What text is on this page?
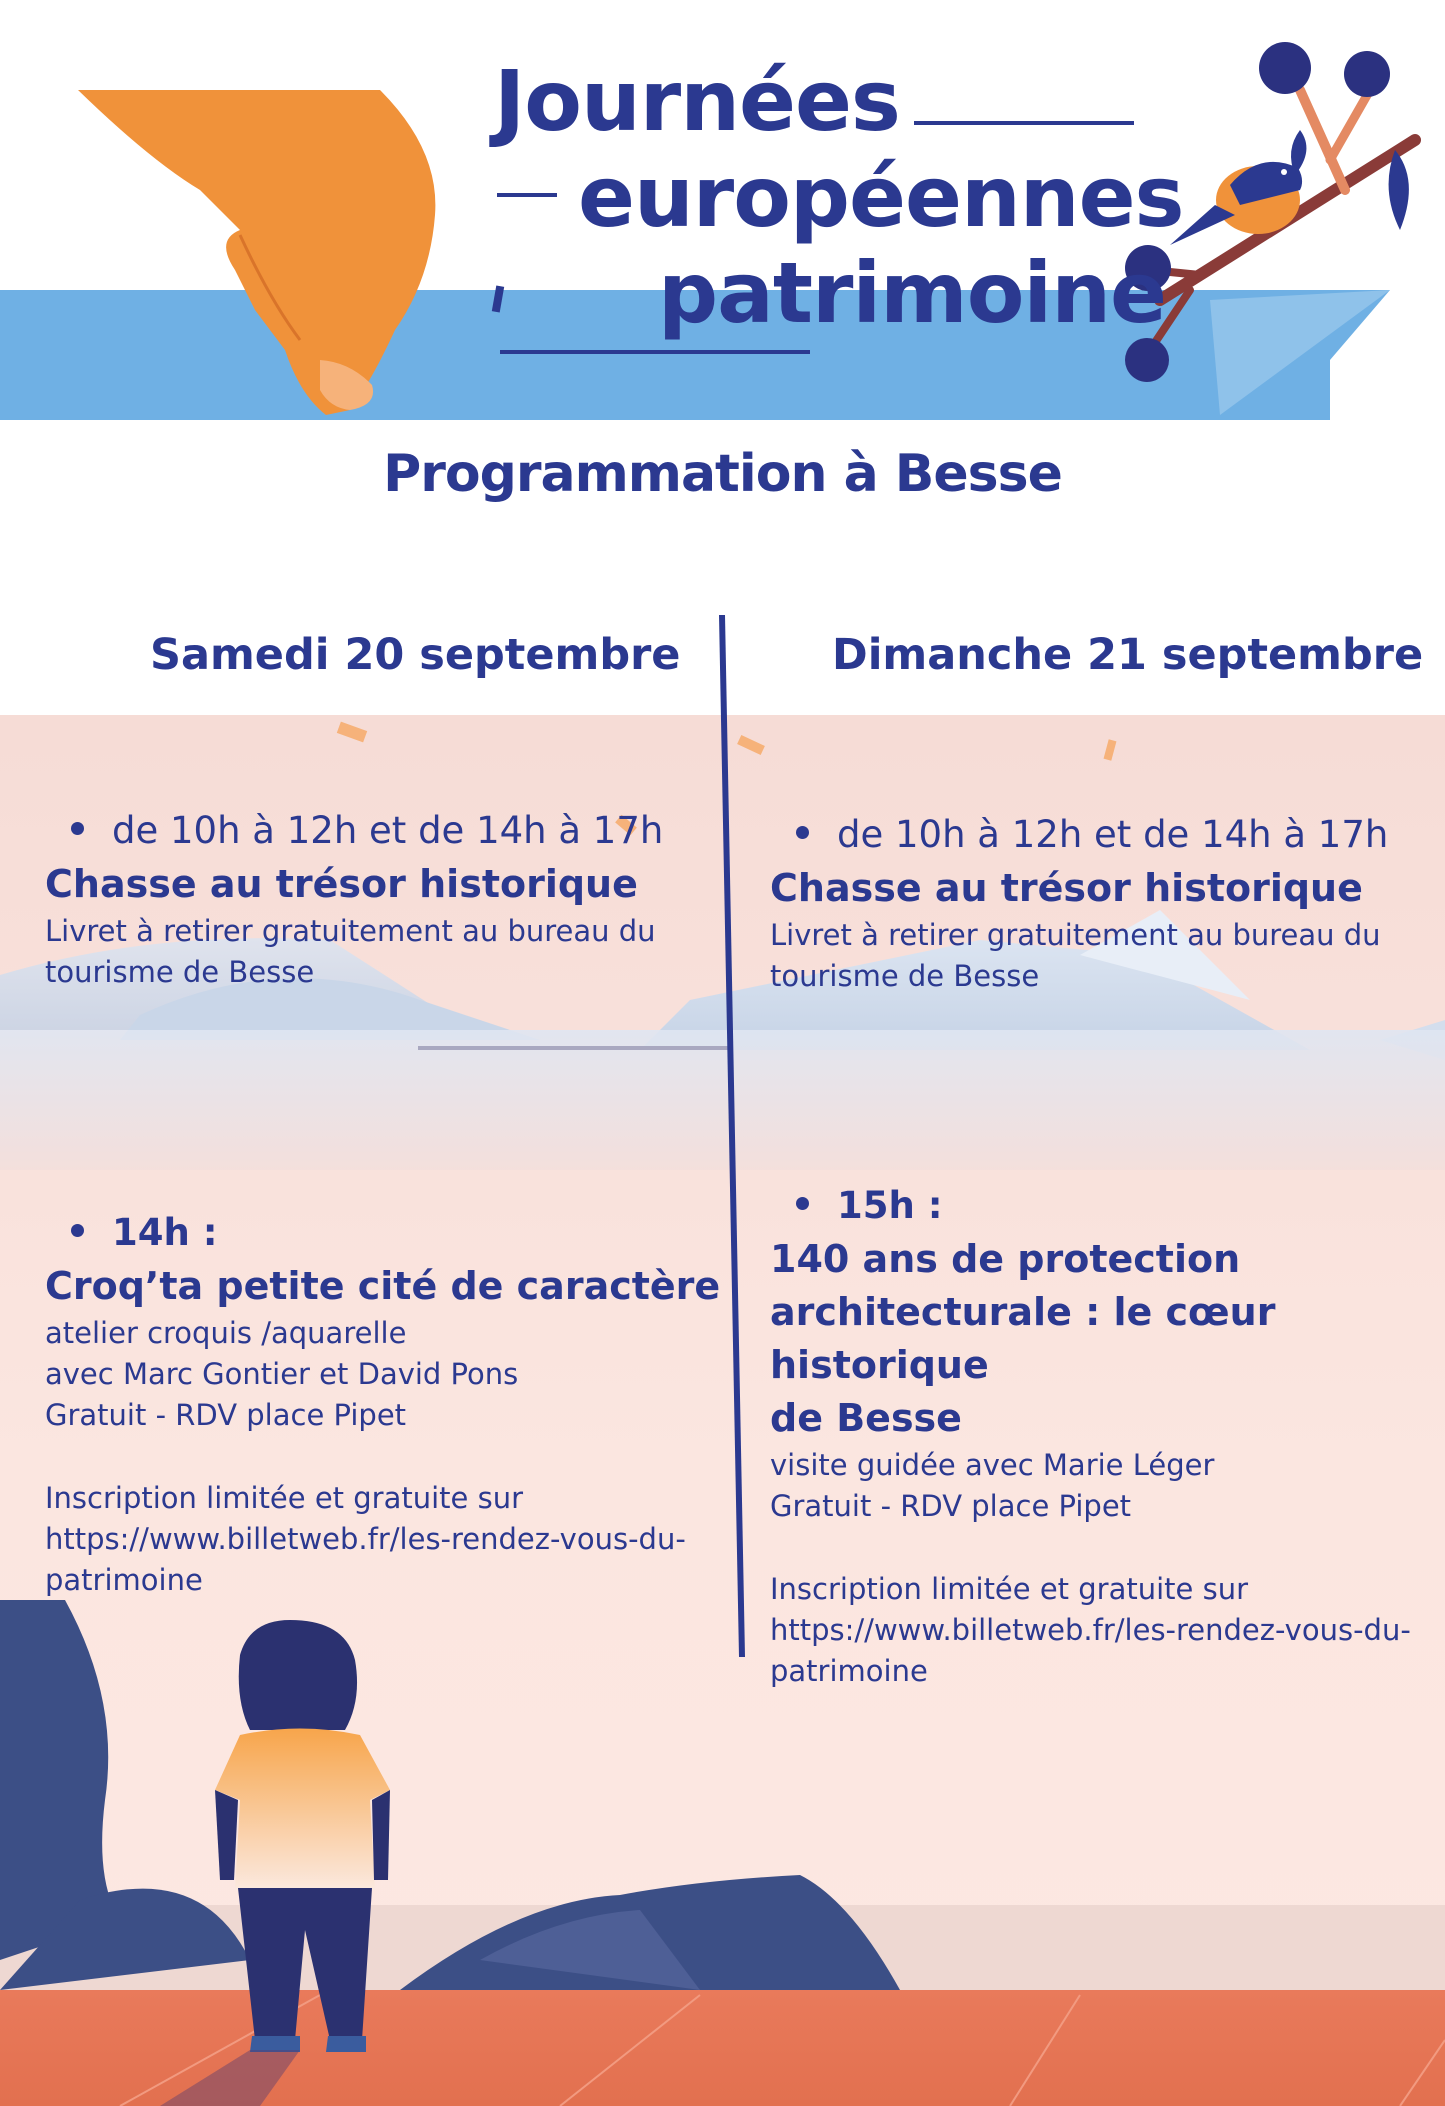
Journées
européennes
patrimoine
Programmation à Besse
Samedi 20 septembre	Dimanche 21 septembre
de 10h à 12h et de 14h à 17h
Chasse au trésor historique
Livret à retirer gratuitement au bureau du
tourisme de Besse
14h :
Croq’ta petite cité de caractère
atelier croquis /aquarelle
avec Marc Gontier et David Pons
Gratuit - RDV place Pipet
Inscription limitée et gratuite sur
https://www.billetweb.fr/les-rendez-vous-du-
patrimoine
de 10h à 12h et de 14h à 17h
Chasse au trésor historique
Livret à retirer gratuitement au bureau du
tourisme de Besse
15h :
140 ans de protection
architecturale : le cœur historique
de Besse
visite guidée avec Marie Léger
Gratuit - RDV place Pipet
Inscription limitée et gratuite sur
https://www.billetweb.fr/les-rendez-vous-du-
patrimoine
